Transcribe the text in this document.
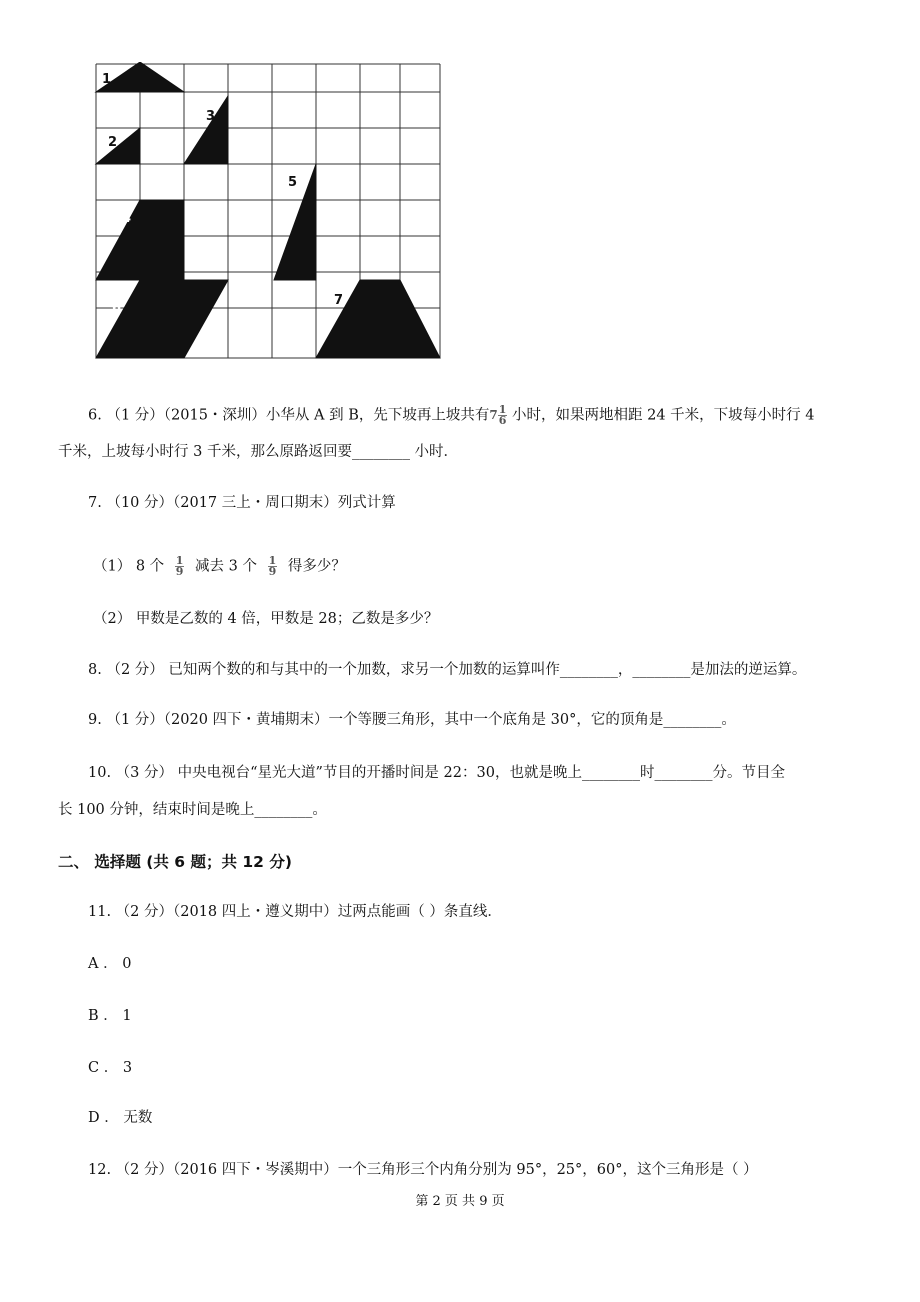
1
2
3
4
5
6
7
6. （1 分）（2015・深圳）小华从 A 到 B，先下坡再上坡共有$7 \frac{1}{6}$ 小时，如果两地相距 24 千米，下坡每小时行 4
千米，上坡每小时行 3 千米，那么原路返回要________ 小时．
7. （10 分）（2017 三上・周口期末）列式计算
（1） 8 个 $\frac{1}{9}$ 减去 3 个 $\frac{1}{9}$ 得多少？
（2） 甲数是乙数的 4 倍，甲数是 28；乙数是多少？
8. （2 分） 已知两个数的和与其中的一个加数，求另一个加数的运算叫作________，________是加法的逆运算。
9. （1 分）（2020 四下・黄埔期末）一个等腰三角形，其中一个底角是 30°，它的顶角是________。
10. （3 分） 中央电视台“星光大道”节目的开播时间是 22：30，也就是晚上________时________分。节目全
长 100 分钟，结束时间是晚上________。
二、 选择题 (共 6 题；共 12 分)
11. （2 分）（2018 四上・遵义期中）过两点能画（ ）条直线．
A ． 0
B ． 1
C ． 3
D ． 无数
12. （2 分）（2016 四下・岑溪期中）一个三角形三个内角分别为 95°，25°，60°，这个三角形是（ ）
第 2 页 共 9 页
